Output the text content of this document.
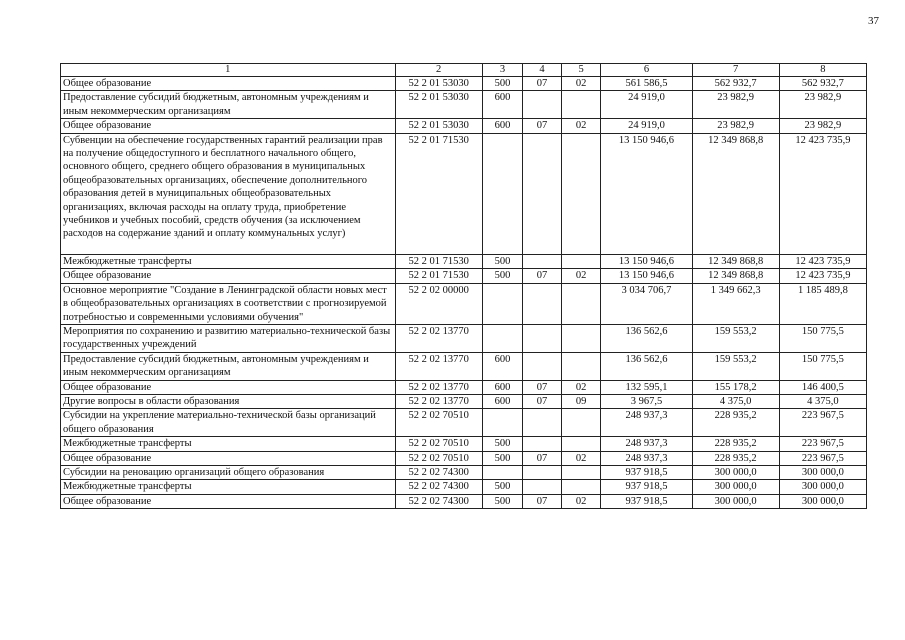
37
1	2	3	4	5	6	7	8
Общее образование	52 2 01 53030	500	07	02	561 586,5	562 932,7	562 932,7
Предоставление субсидий бюджетным, автономным учреждениям и иным некоммерческим организациям	52 2 01 53030	600			24 919,0	23 982,9	23 982,9
Общее образование	52 2 01 53030	600	07	02	24 919,0	23 982,9	23 982,9
Субвенции на обеспечение государственных гарантий реализации прав на получение общедоступного и бесплатного начального общего, основного общего, среднего общего образования в муниципальных общеобразовательных организациях, обеспечение дополнительного образования детей в муниципальных общеобразовательных организациях, включая расходы на оплату труда, приобретение учебников и учебных пособий, средств обучения (за исключением расходов на содержание зданий и оплату коммунальных услуг)	52 2 01 71530				13 150 946,6	12 349 868,8	12 423 735,9
Межбюджетные трансферты	52 2 01 71530	500			13 150 946,6	12 349 868,8	12 423 735,9
Общее образование	52 2 01 71530	500	07	02	13 150 946,6	12 349 868,8	12 423 735,9
Основное мероприятие "Создание в Ленинградской области новых мест в общеобразовательных организациях в соответствии с прогнозируемой потребностью и современными условиями обучения"	52 2 02 00000				3 034 706,7	1 349 662,3	1 185 489,8
Мероприятия по сохранению и развитию материально-технической базы государственных учреждений	52 2 02 13770				136 562,6	159 553,2	150 775,5
Предоставление субсидий бюджетным, автономным учреждениям и иным некоммерческим организациям	52 2 02 13770	600			136 562,6	159 553,2	150 775,5
Общее образование	52 2 02 13770	600	07	02	132 595,1	155 178,2	146 400,5
Другие вопросы в области образования	52 2 02 13770	600	07	09	3 967,5	4 375,0	4 375,0
Субсидии на укрепление материально-технической базы организаций общего образования	52 2 02 70510				248 937,3	228 935,2	223 967,5
Межбюджетные трансферты	52 2 02 70510	500			248 937,3	228 935,2	223 967,5
Общее образование	52 2 02 70510	500	07	02	248 937,3	228 935,2	223 967,5
Субсидии на реновацию организаций общего образования	52 2 02 74300				937 918,5	300 000,0	300 000,0
Межбюджетные трансферты	52 2 02 74300	500			937 918,5	300 000,0	300 000,0
Общее образование	52 2 02 74300	500	07	02	937 918,5	300 000,0	300 000,0
